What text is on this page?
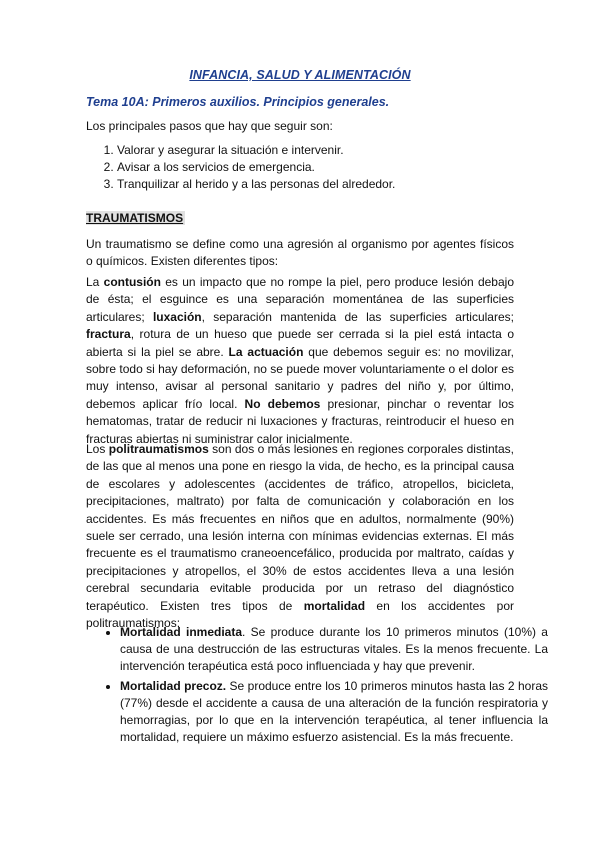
INFANCIA, SALUD Y ALIMENTACIÓN
Tema 10A: Primeros auxilios. Principios generales.
Los principales pasos que hay que seguir son:
1. Valorar y asegurar la situación e intervenir.
2. Avisar a los servicios de emergencia.
3. Tranquilizar al herido y a las personas del alrededor.
TRAUMATISMOS
Un traumatismo se define como una agresión al organismo por agentes físicos o químicos. Existen diferentes tipos:
La contusión es un impacto que no rompe la piel, pero produce lesión debajo de ésta; el esguince es una separación momentánea de las superficies articulares; luxación, separación mantenida de las superficies articulares; fractura, rotura de un hueso que puede ser cerrada si la piel está intacta o abierta si la piel se abre. La actuación que debemos seguir es: no movilizar, sobre todo si hay deformación, no se puede mover voluntariamente o el dolor es muy intenso, avisar al personal sanitario y padres del niño y, por último, debemos aplicar frío local. No debemos presionar, pinchar o reventar los hematomas, tratar de reducir ni luxaciones y fracturas, reintroducir el hueso en fracturas abiertas ni suministrar calor inicialmente.
Los politraumatismos son dos o más lesiones en regiones corporales distintas, de las que al menos una pone en riesgo la vida, de hecho, es la principal causa de escolares y adolescentes (accidentes de tráfico, atropellos, bicicleta, precipitaciones, maltrato) por falta de comunicación y colaboración en los accidentes. Es más frecuentes en niños que en adultos, normalmente (90%) suele ser cerrado, una lesión interna con mínimas evidencias externas. El más frecuente es el traumatismo craneoencefálico, producida por maltrato, caídas y precipitaciones y atropellos, el 30% de estos accidentes lleva a una lesión cerebral secundaria evitable producida por un retraso del diagnóstico terapéutico. Existen tres tipos de mortalidad en los accidentes por politraumatismos:
• Mortalidad inmediata. Se produce durante los 10 primeros minutos (10%) a causa de una destrucción de las estructuras vitales. Es la menos frecuente. La intervención terapéutica está poco influenciada y hay que prevenir.
• Mortalidad precoz. Se produce entre los 10 primeros minutos hasta las 2 horas (77%) desde el accidente a causa de una alteración de la función respiratoria y hemorragias, por lo que en la intervención terapéutica, al tener influencia la mortalidad, requiere un máximo esfuerzo asistencial. Es la más frecuente.
